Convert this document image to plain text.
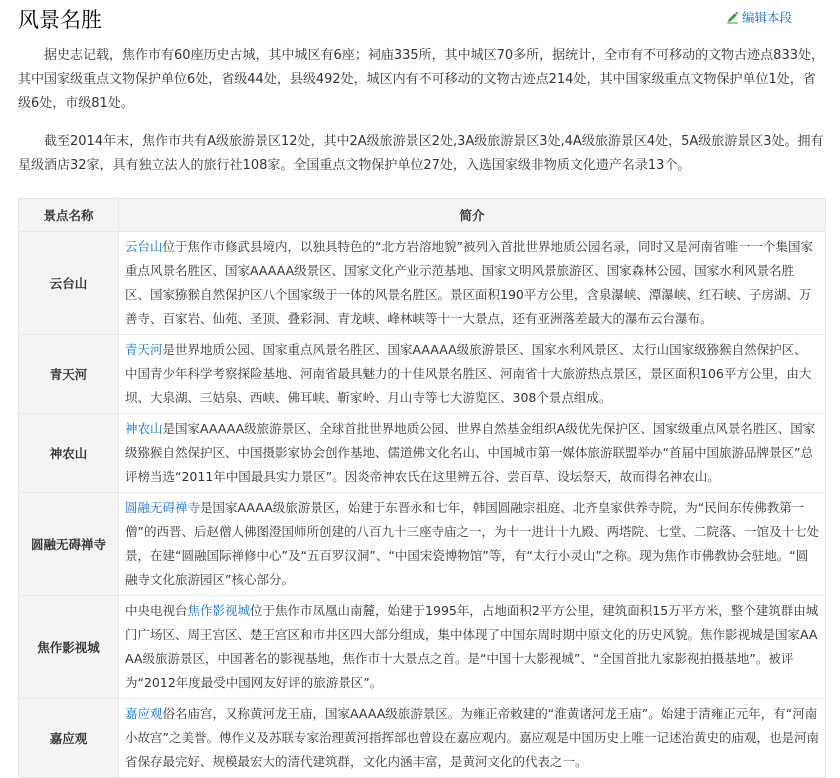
风景名胜	编辑本段

据史志记载，焦作市有60座历史古城，其中城区有6座；祠庙335所，其中城区70多所，据统计，全市有不可移动的文物古迹点833处，其中国家级重点文物保护单位6处，省级44处，县级492处，城区内有不可移动的文物古迹点214处，其中国家级重点文物保护单位1处，省级6处，市级81处。

截至2014年末，焦作市共有A级旅游景区12处，其中2A级旅游景区2处,3A级旅游景区3处,4A级旅游景区4处，5A级旅游景区3处。拥有星级酒店32家，具有独立法人的旅行社108家。全国重点文物保护单位27处，入选国家级非物质文化遗产名录13个。

景点名称	简介
云台山	云台山位于焦作市修武县境内，以独具特色的“北方岩溶地貌”被列入首批世界地质公园名录，同时又是河南省唯一一个集国家重点风景名胜区、国家AAAAA级景区、国家文化产业示范基地、国家文明风景旅游区、国家森林公园、国家水利风景名胜区、国家猕猴自然保护区八个国家级于一体的风景名胜区。景区面积190平方公里，含泉瀑峡、潭瀑峡、红石峡、子房湖、万善寺、百家岩、仙苑、圣顶、叠彩洞、青龙峡、峰林峡等十一大景点，还有亚洲落差最大的瀑布云台瀑布。
青天河	青天河是世界地质公园、国家重点风景名胜区、国家AAAAA级旅游景区、国家水利风景区、太行山国家级猕猴自然保护区、中国青少年科学考察探险基地、河南省最具魅力的十佳风景名胜区、河南省十大旅游热点景区，景区面积106平方公里，由大坝、大泉湖、三姑泉、西峡、佛耳峡、靳家岭、月山寺等七大游览区、308个景点组成。
神农山	神农山是国家AAAAA级旅游景区、全球首批世界地质公园、世界自然基金组织A级优先保护区、国家级重点风景名胜区、国家级猕猴自然保护区、中国摄影家协会创作基地、儒道佛文化名山、中国城市第一媒体旅游联盟举办“首届中国旅游品牌景区”总评榜当选“2011年中国最具实力景区”。因炎帝神农氏在这里辨五谷、尝百草、设坛祭天，故而得名神农山。
圆融无碍禅寺	圆融无碍禅寺是国家AAAA级旅游景区，始建于东晋永和七年，韩国圆融宗祖庭、北齐皇家供养寺院，为“民间东传佛教第一僧”的西晋、后赵僧人佛图澄国师所创建的八百九十三座寺庙之一，为十一进计十九殿、两塔院、七堂、二院落、一馆及十七处景，在建“圆融国际禅修中心”及“五百罗汉洞”、“中国宋瓷博物馆”等，有“太行小灵山”之称。现为焦作市佛教协会驻地。“圆融寺文化旅游园区”核心部分。
焦作影视城	中央电视台焦作影视城位于焦作市凤凰山南麓，始建于1995年，占地面积2平方公里，建筑面积15万平方米，整个建筑群由城门广场区、周王宫区、楚王宫区和市井区四大部分组成，集中体现了中国东周时期中原文化的历史风貌。焦作影视城是国家AAAA级旅游景区，中国著名的影视基地，焦作市十大景点之首。是“中国十大影视城”、“全国首批九家影视拍摄基地”。被评为“2012年度最受中国网友好评的旅游景区”。
嘉应观	嘉应观俗名庙宫，又称黄河龙王庙，国家AAAA级旅游景区。为雍正帝敕建的“淮黄诸河龙王庙”。始建于清雍正元年，有“河南小故宫”之美誉。傅作义及苏联专家治理黄河指挥部也曾设在嘉应观内。嘉应观是中国历史上唯一记述治黄史的庙观，也是河南省保存最完好、规模最宏大的清代建筑群，文化内涵丰富，是黄河文化的代表之一。
